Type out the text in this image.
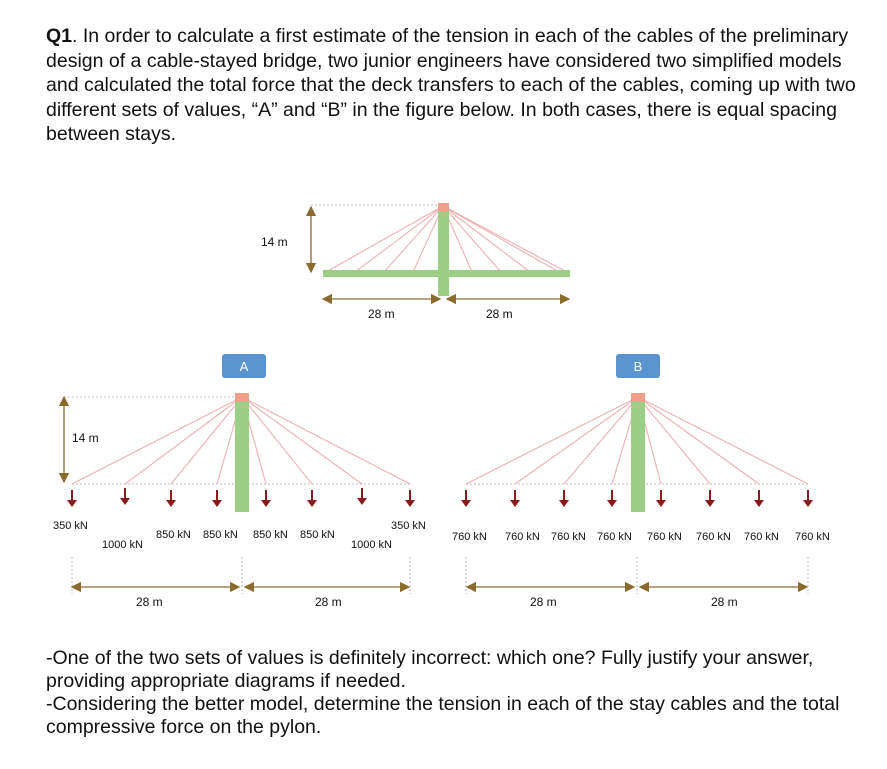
Q1. In order to calculate a first estimate of the tension in each of the cables of the preliminary design of a cable-stayed bridge, two junior engineers have considered two simplified models and calculated the total force that the deck transfers to each of the cables, coming up with two different sets of values, “A” and “B” in the figure below. In both cases, there is equal spacing between stays.

14 m
28 m	28 m
A
14 m
350 kN
1000 kN
850 kN 850 kN 850 kN 850 kN
1000 kN
350 kN
28 m	28 m
B
760 kN 760 kN 760 kN 760 kN 760 kN 760 kN 760 kN 760 kN
28 m	28 m

-One of the two sets of values is definitely incorrect: which one? Fully justify your answer, providing appropriate diagrams if needed.

-Considering the better model, determine the tension in each of the stay cables and the total compressive force on the pylon.
